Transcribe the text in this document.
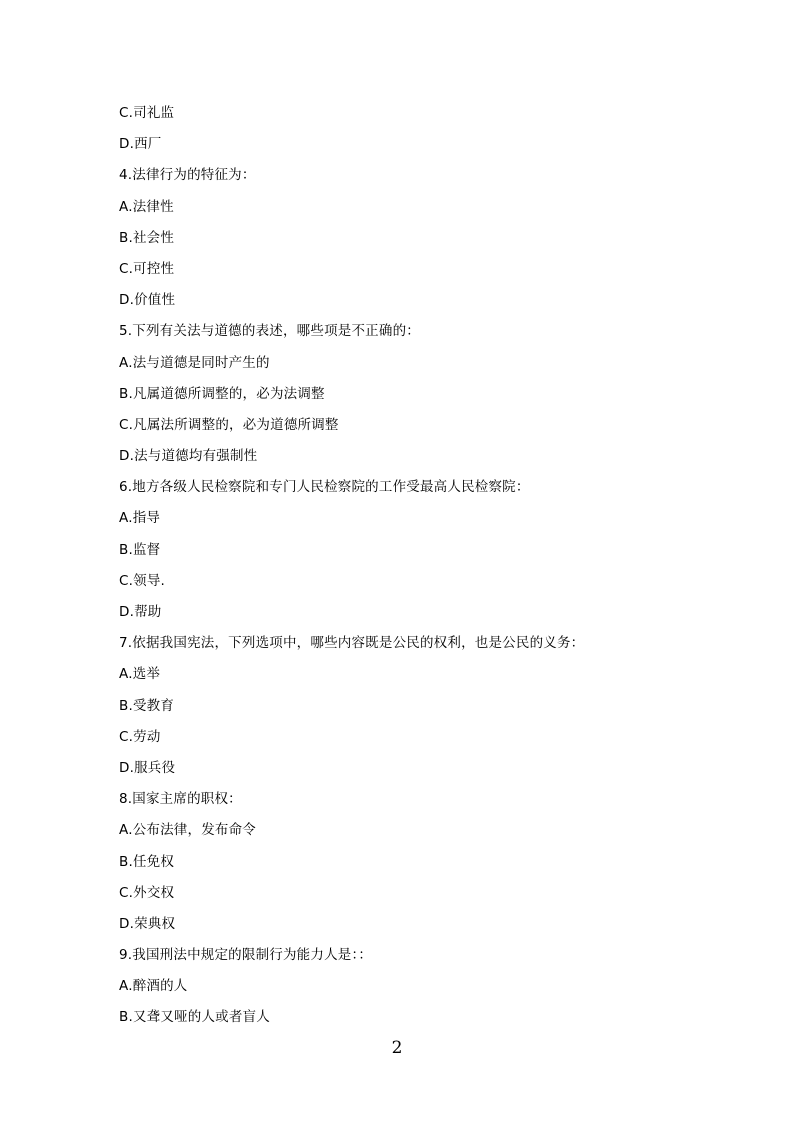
C.司礼监
D.西厂
4.法律行为的特征为：
A.法律性
B.社会性
C.可控性
D.价值性
5.下列有关法与道德的表述，哪些项是不正确的：
A.法与道德是同时产生的
B.凡属道德所调整的，必为法调整
C.凡属法所调整的，必为道德所调整
D.法与道德均有强制性
6.地方各级人民检察院和专门人民检察院的工作受最高人民检察院：
A.指导
B.监督
C.领导.
D.帮助
7.依据我国宪法，下列选项中，哪些内容既是公民的权利，也是公民的义务：
A.选举
B.受教育
C.劳动
D.服兵役
8.国家主席的职权：
A.公布法律，发布命令
B.任免权
C.外交权
D.荣典权
9.我国刑法中规定的限制行为能力人是：：
A.醉酒的人
B.又聋又哑的人或者盲人
2
